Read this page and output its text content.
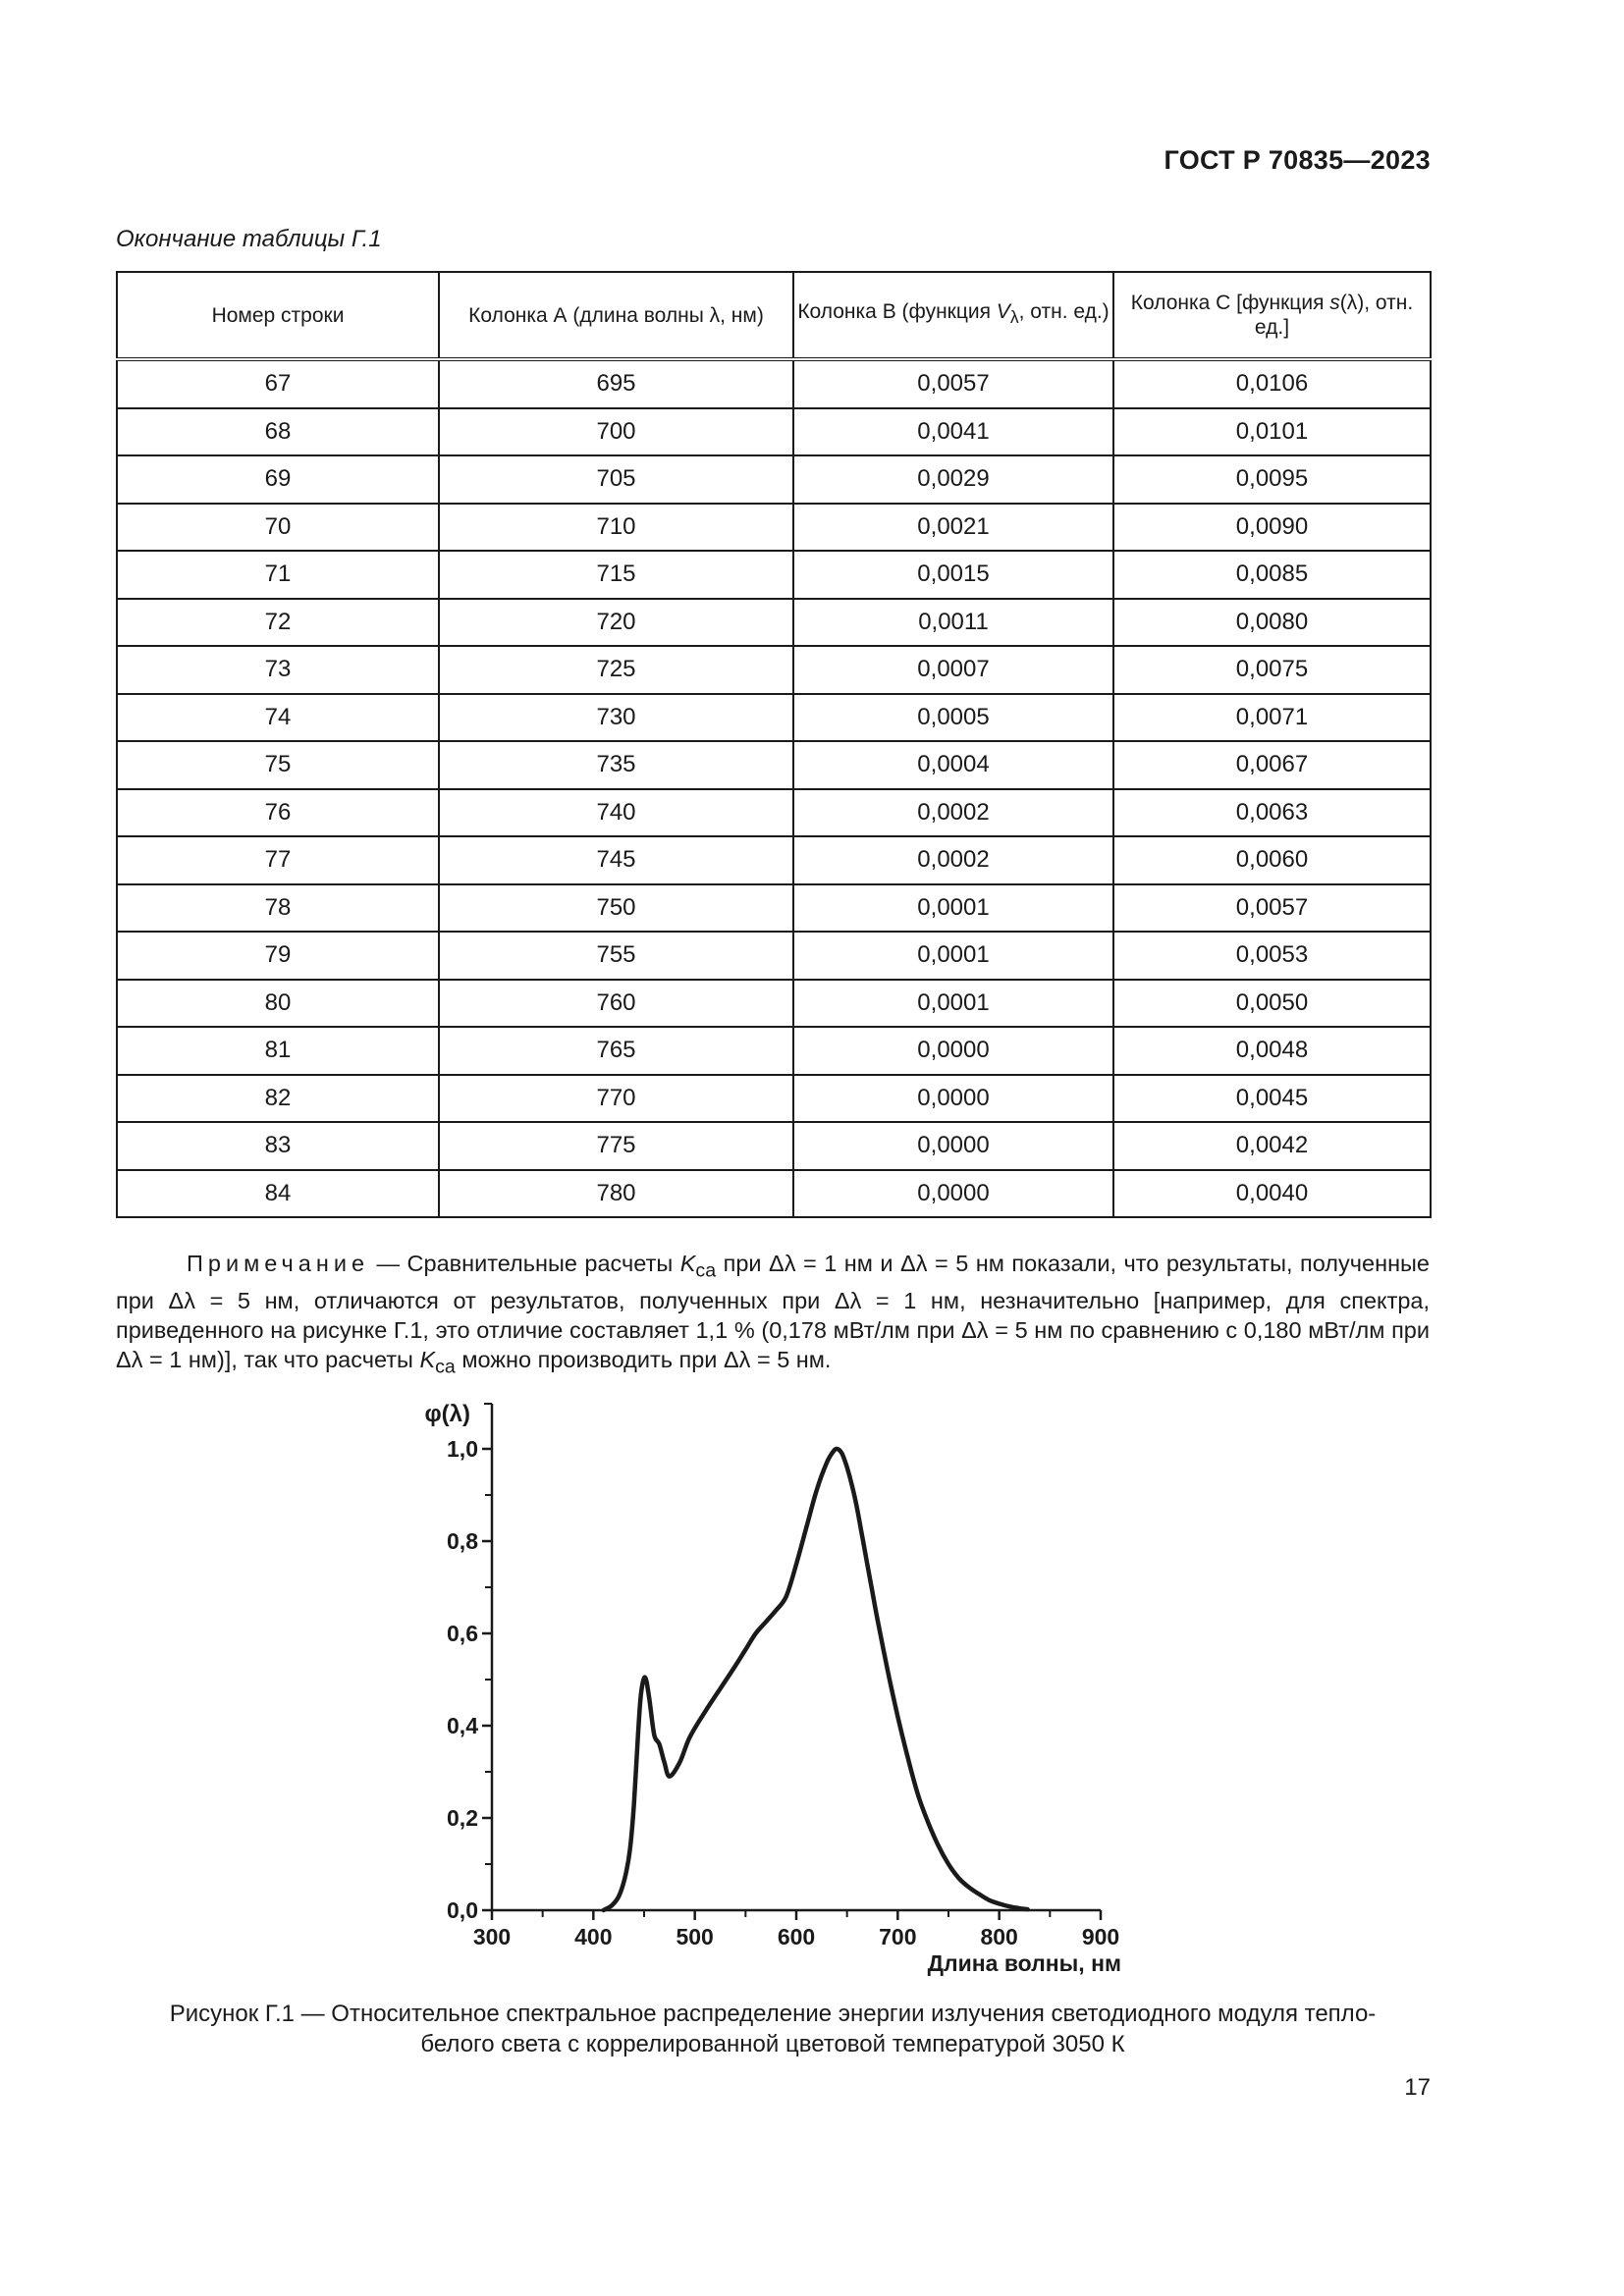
ГОСТ Р 70835—2023
Окончание таблицы Г.1
Номер строки	Колонка А (длина волны λ, нм)	Колонка B (функция $V_\lambda$, отн. ед.)	Колонка C [функция s(λ), отн. ед.]
67	695	0,0057	0,0106
68	700	0,0041	0,0101
69	705	0,0029	0,0095
70	710	0,0021	0,0090
71	715	0,0015	0,0085
72	720	0,0011	0,0080
73	725	0,0007	0,0075
74	730	0,0005	0,0071
75	735	0,0004	0,0067
76	740	0,0002	0,0063
77	745	0,0002	0,0060
78	750	0,0001	0,0057
79	755	0,0001	0,0053
80	760	0,0001	0,0050
81	765	0,0000	0,0048
82	770	0,0000	0,0045
83	775	0,0000	0,0042
84	780	0,0000	0,0040
Примечание — Сравнительные расчеты $K_{ca}$ при Δλ = 1 нм и Δλ = 5 нм показали, что результаты, полученные при Δλ = 5 нм, отличаются от результатов, полученных при Δλ = 1 нм, незначительно [например, для спектра, приведенного на рисунке Г.1, это отличие составляет 1,1 % (0,178 мВт/лм при Δλ = 5 нм по сравнению с 0,180 мВт/лм при Δλ = 1 нм)], так что расчеты $K_{ca}$ можно производить при Δλ = 5 нм.
300	400	500	600	700	800	900
0,0
0,2
0,4
0,6
0,8
1,0
φ(λ)
Длина волны, нм
Рисунок Г.1 — Относительное спектральное распределение энергии излучения светодиодного модуля тепло-
белого света с коррелированной цветовой температурой 3050 К
17
